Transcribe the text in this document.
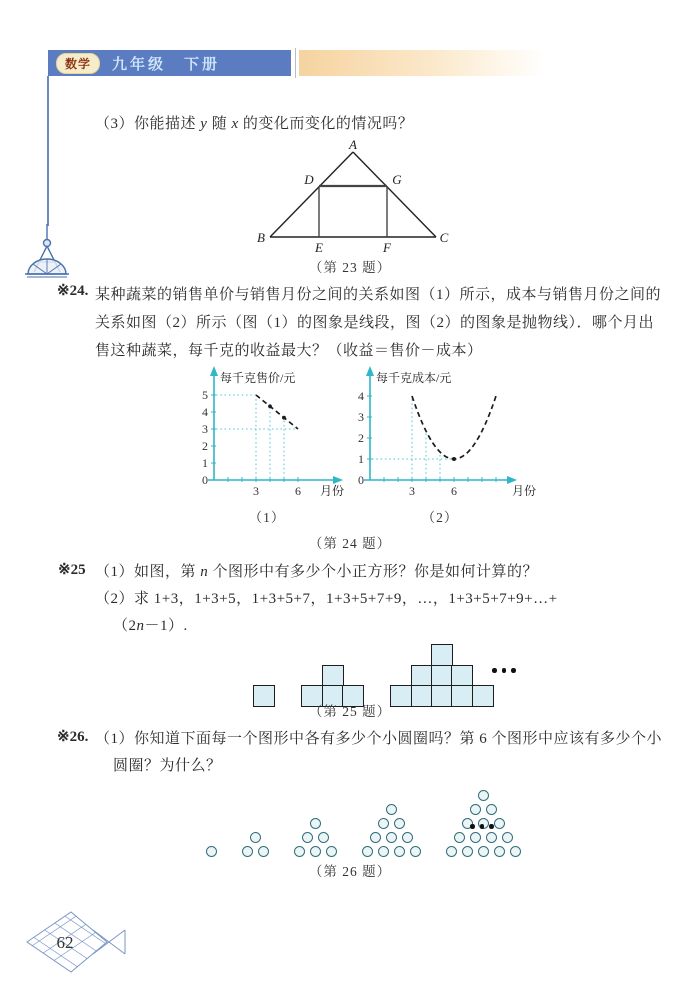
数学	九年级　下册
（3）你能描述 y 随 x 的变化而变化的情况吗？
A
B	C
D	G
E	F
（第 23 题）
※24. 某种蔬菜的销售单价与销售月份之间的关系如图（1）所示，成本与销售月份之间的
关系如图（2）所示（图（1）的图象是线段，图（2）的图象是抛物线）．哪个月出
售这种蔬菜，每千克的收益最大？（收益＝售价－成本）
0
1
2
3
4
5
3	6
每千克售价/元
月份
0
1
2
3
4
3	6
每千克成本/元
月份
（1）	（2）
（第 24 题）
※25 （1）如图，第 n 个图形中有多少个小正方形？你是如何计算的？
（2）求 1+3，1+3+5，1+3+5+7，1+3+5+7+9，…，1+3+5+7+9+…+
（2n－1）.
（第 25 题）
※26. （1）你知道下面每一个图形中各有多少个小圆圈吗？第 6 个图形中应该有多少个小
圆圈？为什么？
（第 26 题）
62
